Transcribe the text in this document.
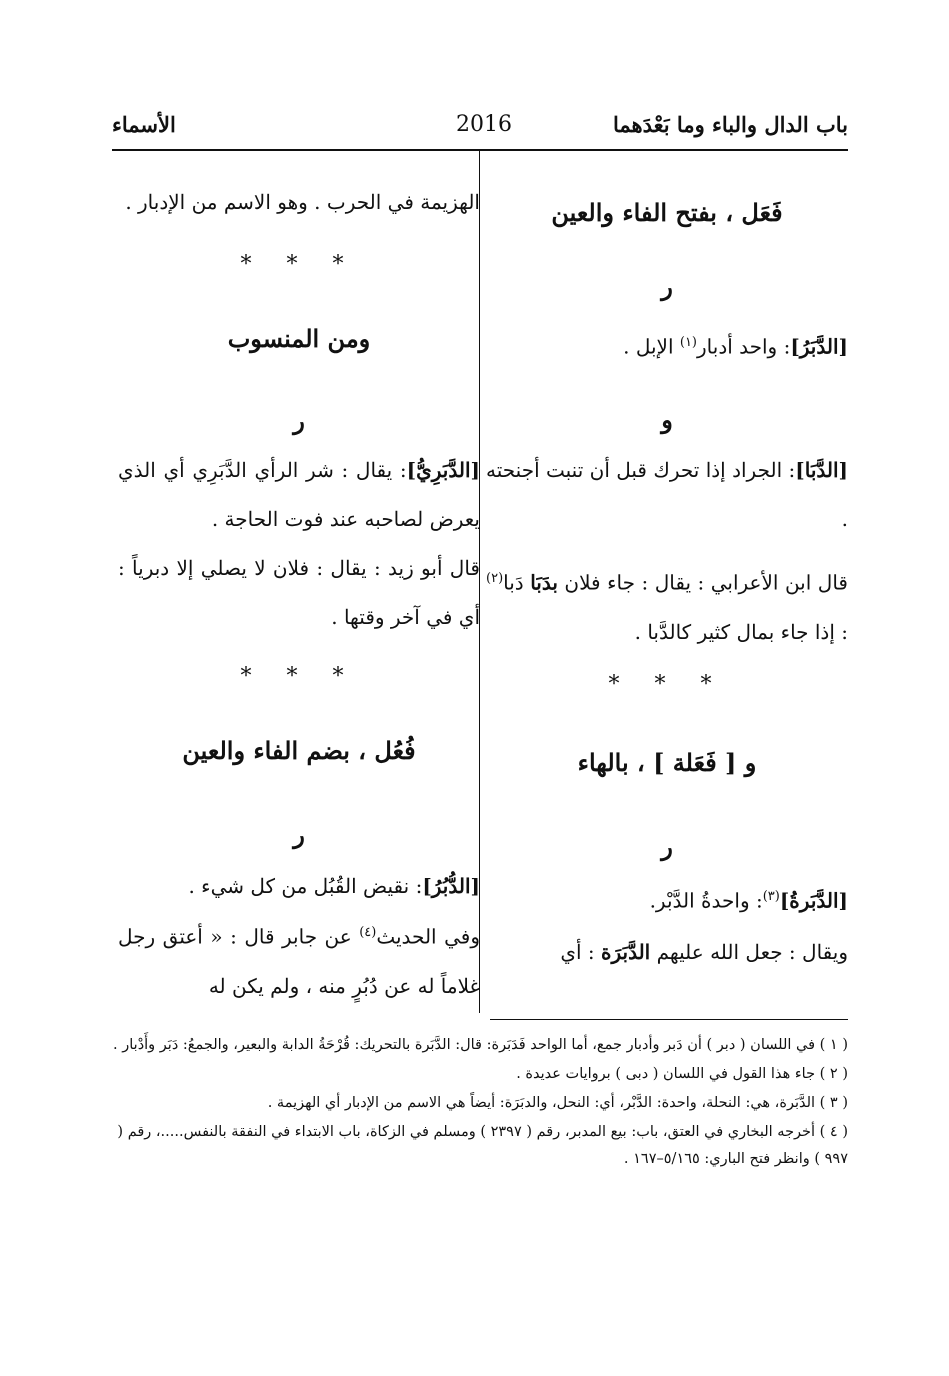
باب الدال والباء وما بَعْدَهما
2016
الأسماء
فَعَل ، بفتح الفاء والعين
ر
[الدَّبَرُ]: واحد أدبار$^{(١)}$ الإبل .
و
[الدَّبَا]: الجراد إذا تحرك قبل أن تنبت أجنحته .
قال ابن الأعرابي : يقال : جاء فلان بدَبَا دَبا$^{(٢)}$ : إذا جاء بمال كثير كالدَّبا .
* * *
و [ فَعَلة ] ، بالهاء
ر
[الدَّبَرةُ]$^{(٣)}$: واحدةُ الدَّبْر.
ويقال : جعل الله عليهم الدَّبَرَة : أي
الهزيمة في الحرب . وهو الاسم من الإدبار .
* * *
ومن المنسوب
ر
[الدَّبَرِيُّ]: يقال : شر الرأي الدَّبَرِي أي الذي يعرض لصاحبه عند فوت الحاجة .
قال أبو زيد : يقال : فلان لا يصلي إلا دبرياً : أي في آخر وقتها .
* * *
فُعُل ، بضم الفاء والعين
ر
[الدُّبُرُ]: نقيض القُبُل من كل شيء .
وفي الحديث$^{(٤)}$ عن جابر قال : « أعتق رجل غلاماً له عن دُبُرٍ منه ، ولم يكن له

( ١ ) في اللسان ( دبر ) أن دَبر وأدبار جمع، أما الواحد فَدَبَرة: قال: الدَّبَرة بالتحريك: قُرْحَةُ الدابة والبعير، والجمعُ: دَبَر وأَدْبار .

( ٢ ) جاء هذا القول في اللسان ( دبى ) بروايات عديدة .

( ٣ ) الدَّبَرة، هي: النحلة، واحدة: الدَّبْر، أي: النحل، والدبَرَة: أيضاً هي الاسم من الإدبار أي الهزيمة .

( ٤ ) أخرجه البخاري في العتق، باب: بيع المدبر، رقم ( ٢٣٩٧ ) ومسلم في الزكاة، باب الابتداء في النفقة بالنفس.....، رقم ( ٩٩٧ ) وانظر فتح الباري: ٥/١٦٥–١٦٧ .
